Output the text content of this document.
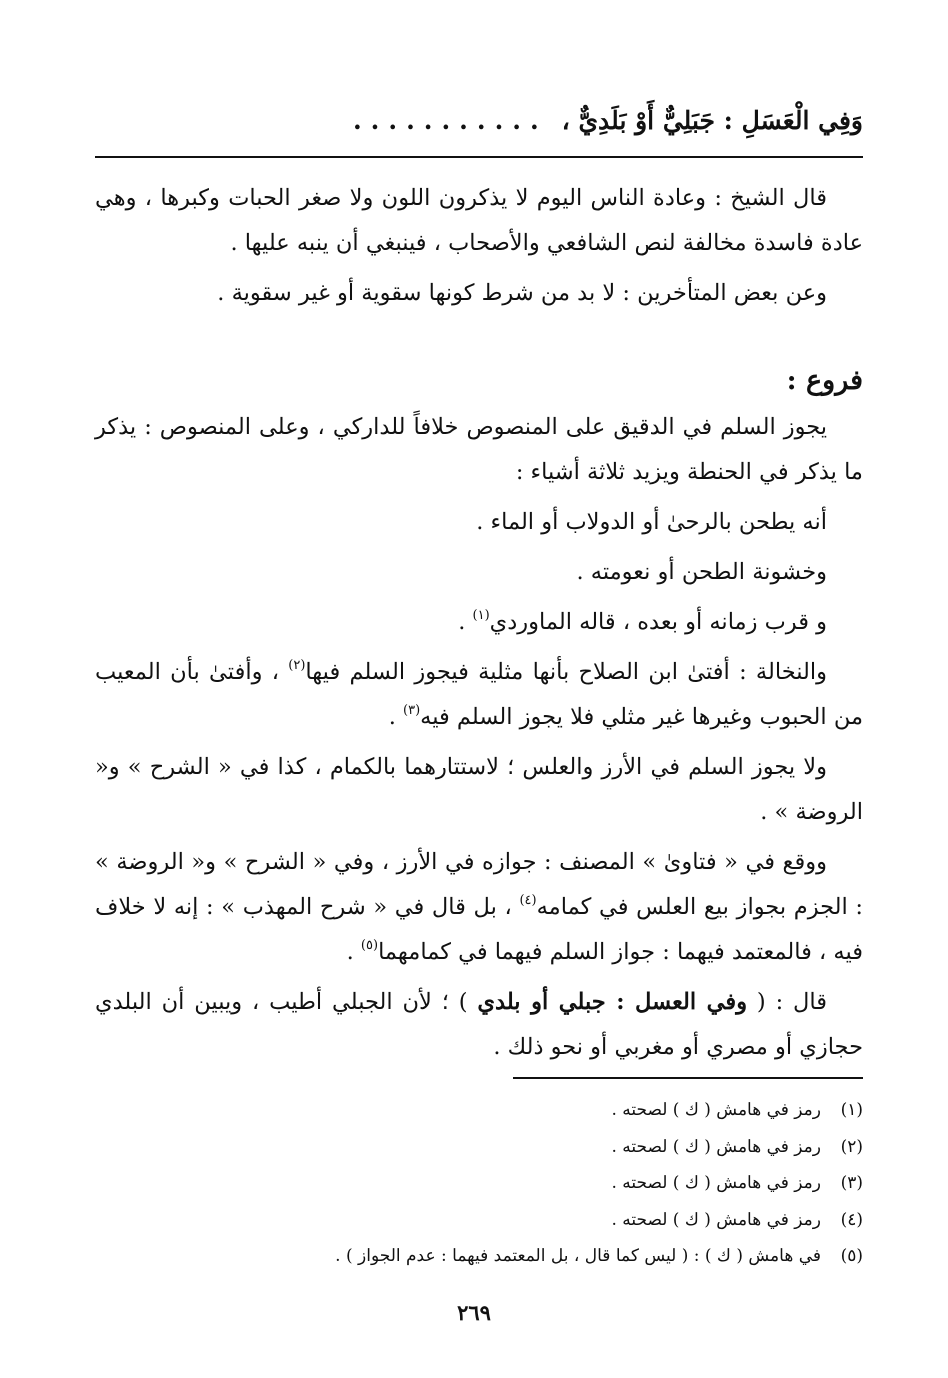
وَفِي الْعَسَلِ : جَبَلِيٌّ أَوْ بَلَدِيٌّ ،...........

قال الشيخ : وعادة الناس اليوم لا يذكرون اللون ولا صغر الحبات وكبرها ، وهي عادة فاسدة مخالفة لنص الشافعي والأصحاب ، فينبغي أن ينبه عليها .

وعن بعض المتأخرين : لا بد من شرط كونها سقوية أو غير سقوية .

فروع :

يجوز السلم في الدقيق على المنصوص خلافاً للداركي ، وعلى المنصوص : يذكر ما يذكر في الحنطة ويزيد ثلاثة أشياء :

أنه يطحن بالرحىٰ أو الدولاب أو الماء .

وخشونة الطحن أو نعومته .

و قرب زمانه أو بعده ، قاله الماوردي$^{(١)}$ .

والنخالة : أفتىٰ ابن الصلاح بأنها مثلية فيجوز السلم فيها$^{(٢)}$ ، وأفتىٰ بأن المعيب من الحبوب وغيرها غير مثلي فلا يجوز السلم فيه$^{(٣)}$ .

ولا يجوز السلم في الأرز والعلس ؛ لاستتارهما بالكمام ، كذا في « الشرح » و« الروضة » .

ووقع في « فتاوىٰ » المصنف : جوازه في الأرز ، وفي « الشرح » و« الروضة » : الجزم بجواز بيع العلس في كمامه$^{(٤)}$ ، بل قال في « شرح المهذب » : إنه لا خلاف فيه ، فالمعتمد فيهما : جواز السلم فيهما في كمامهما$^{(٥)}$ .

قال : ( وفي العسل : جبلي أو بلدي ) ؛ لأن الجبلي أطيب ، ويبين أن البلدي حجازي أو مصري أو مغربي أو نحو ذلك .

(١)
رمز في هامش ( ك ) لصحته .
(٢)
رمز في هامش ( ك ) لصحته .
(٣)
رمز في هامش ( ك ) لصحته .
(٤)
رمز في هامش ( ك ) لصحته .
(٥)
في هامش ( ك ) : ( ليس كما قال ، بل المعتمد فيهما : عدم الجواز ) .
٢٦٩
